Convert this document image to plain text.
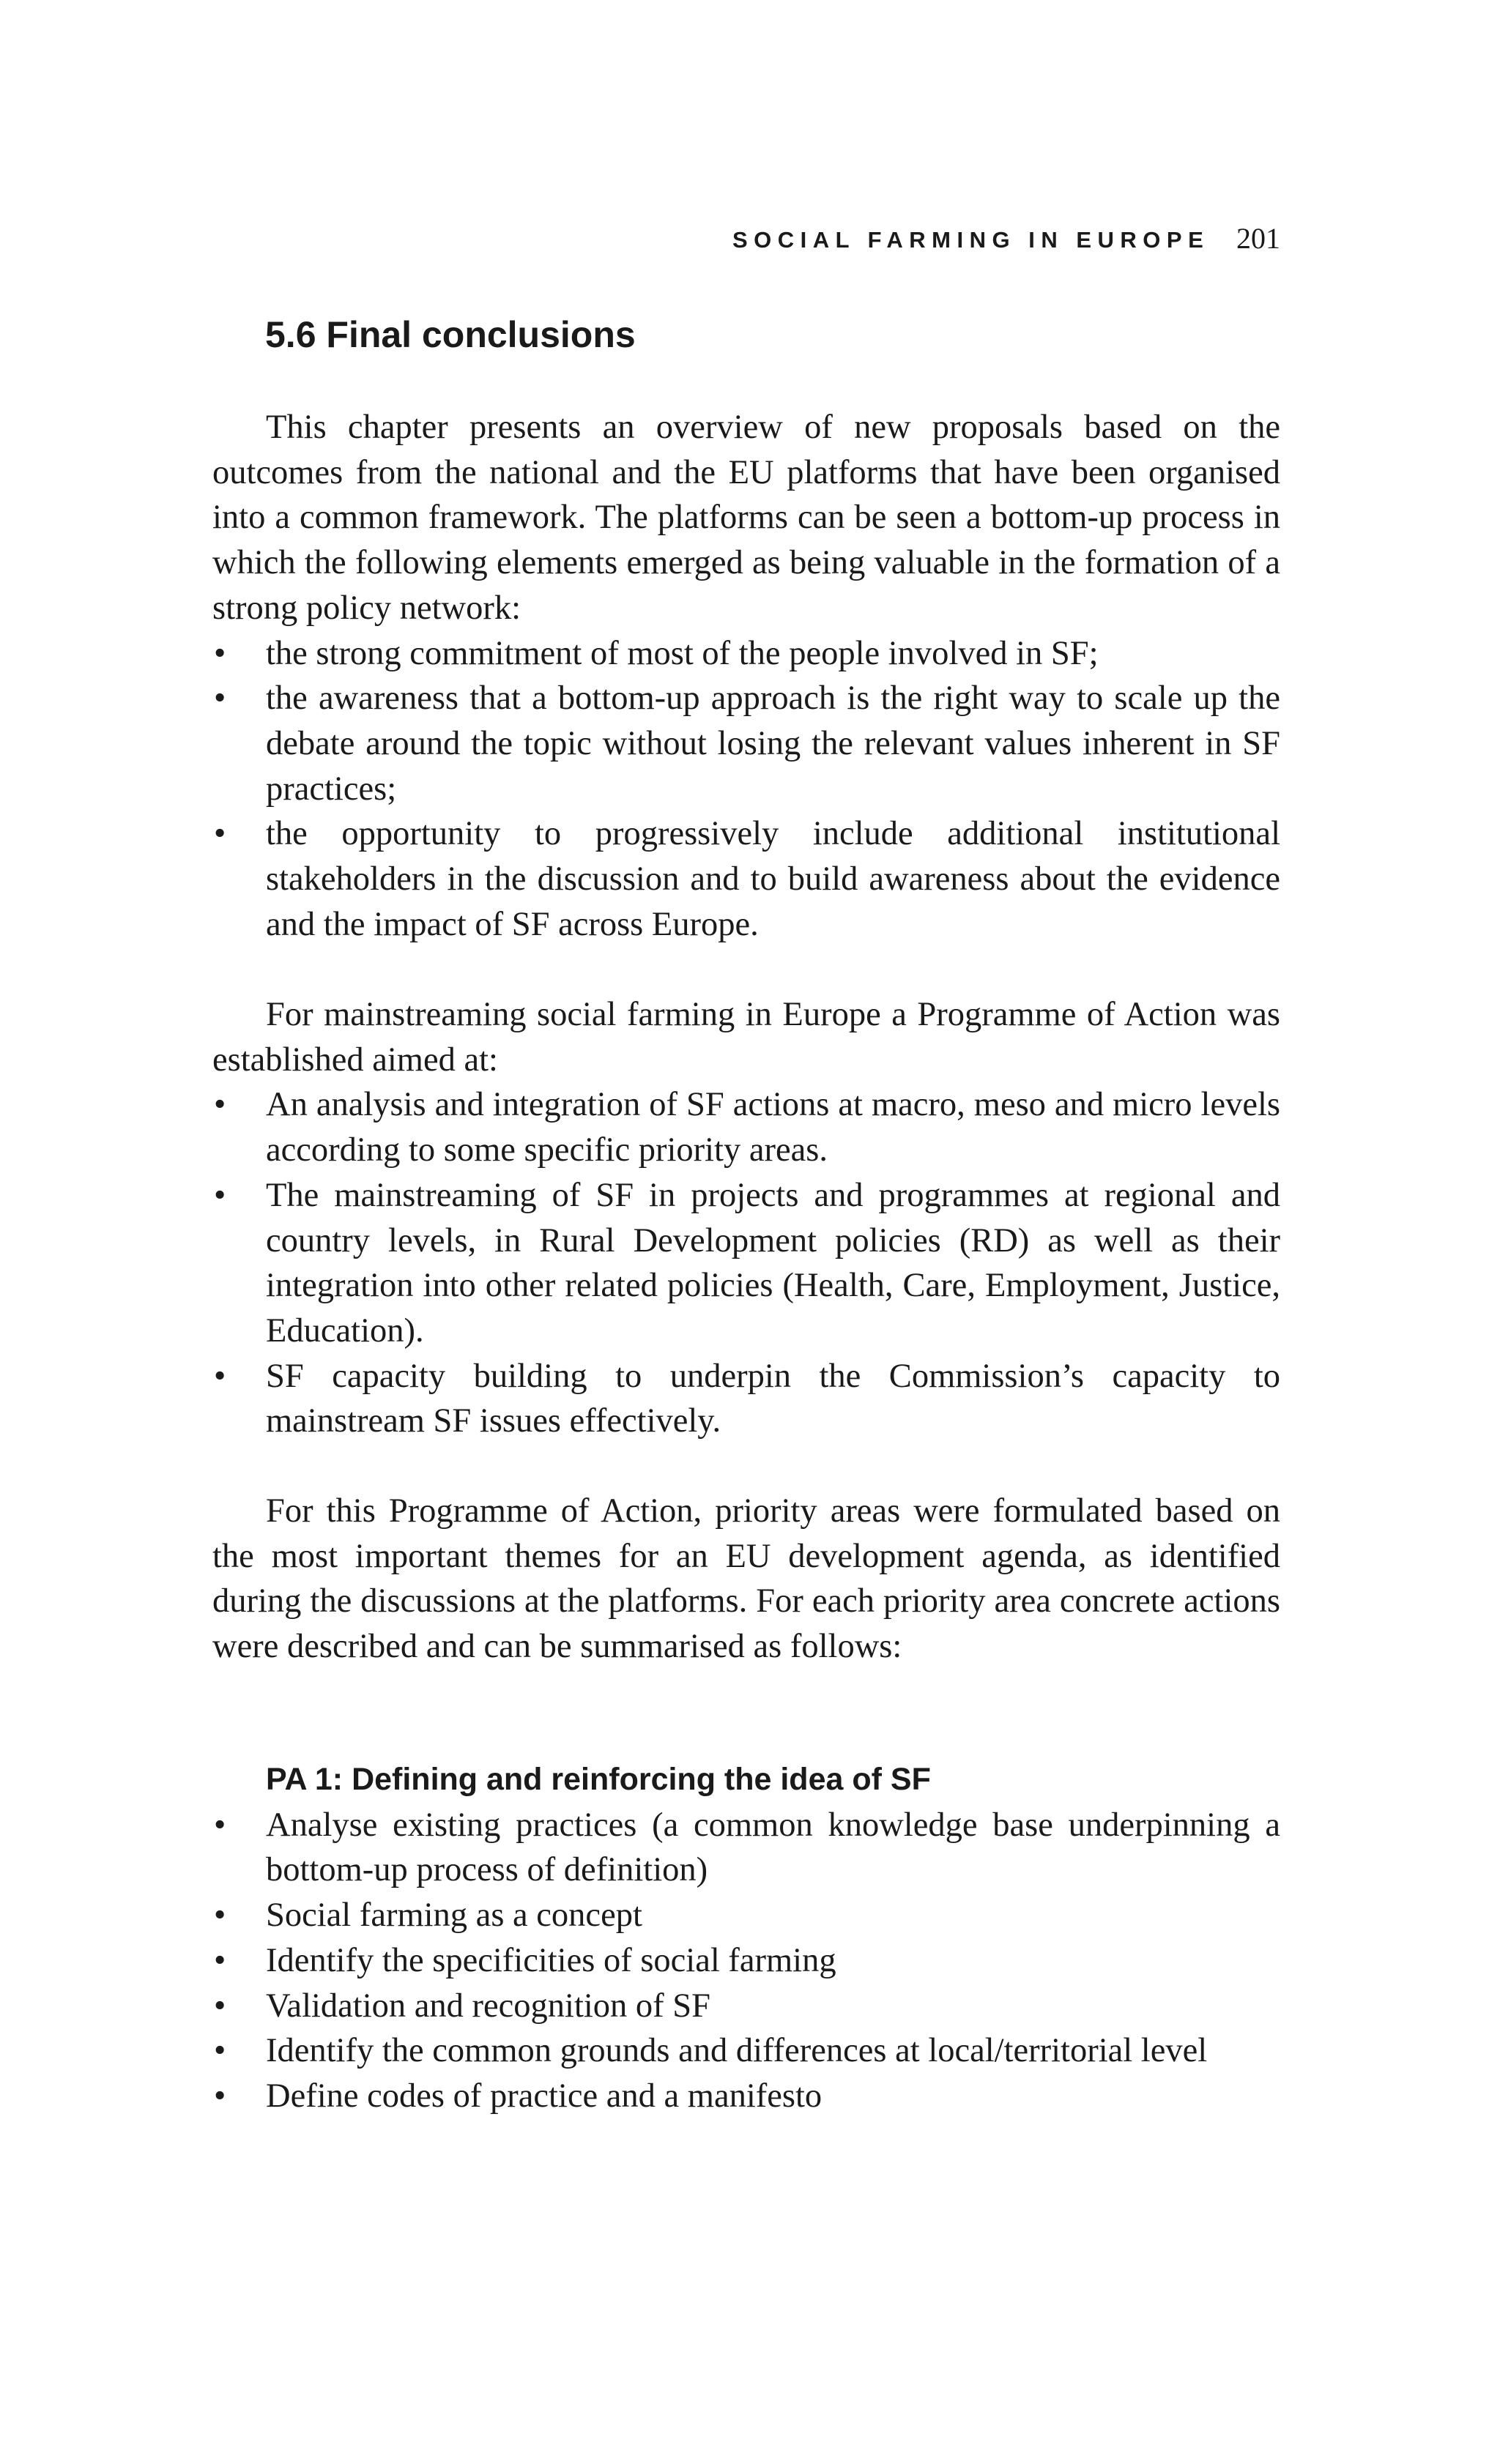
SOCIAL FARMING IN EUROPE 201
5.6 Final conclusions

This chapter presents an overview of new proposals based on the outcomes from the national and the EU platforms that have been organised into a common framework. The platforms can be seen a bottom-up process in which the following elements emerged as being valuable in the formation of a strong policy network:

• the strong commitment of most of the people involved in SF;
• the awareness that a bottom-up approach is the right way to scale up the debate around the topic without losing the relevant values inherent in SF practices;
• the opportunity to progressively include additional institutional stakeholders in the discussion and to build awareness about the evidence and the impact of SF across Europe.

For mainstreaming social farming in Europe a Programme of Action was established aimed at:

• An analysis and integration of SF actions at macro, meso and micro levels according to some specific priority areas.
• The mainstreaming of SF in projects and programmes at regional and country levels, in Rural Development policies (RD) as well as their integration into other related policies (Health, Care, Employment, Justice, Education).
• SF capacity building to underpin the Commission’s capacity to mainstream SF issues effectively.

For this Programme of Action, priority areas were formulated based on the most important themes for an EU development agenda, as identified during the discussions at the platforms. For each priority area concrete actions were described and can be summarised as follows:

PA 1: Defining and reinforcing the idea of SF

• Analyse existing practices (a common knowledge base underpinning a bottom-up process of definition)
• Social farming as a concept
• Identify the specificities of social farming
• Validation and recognition of SF
• Identify the common grounds and differences at local/territorial level
• Define codes of practice and a manifesto
